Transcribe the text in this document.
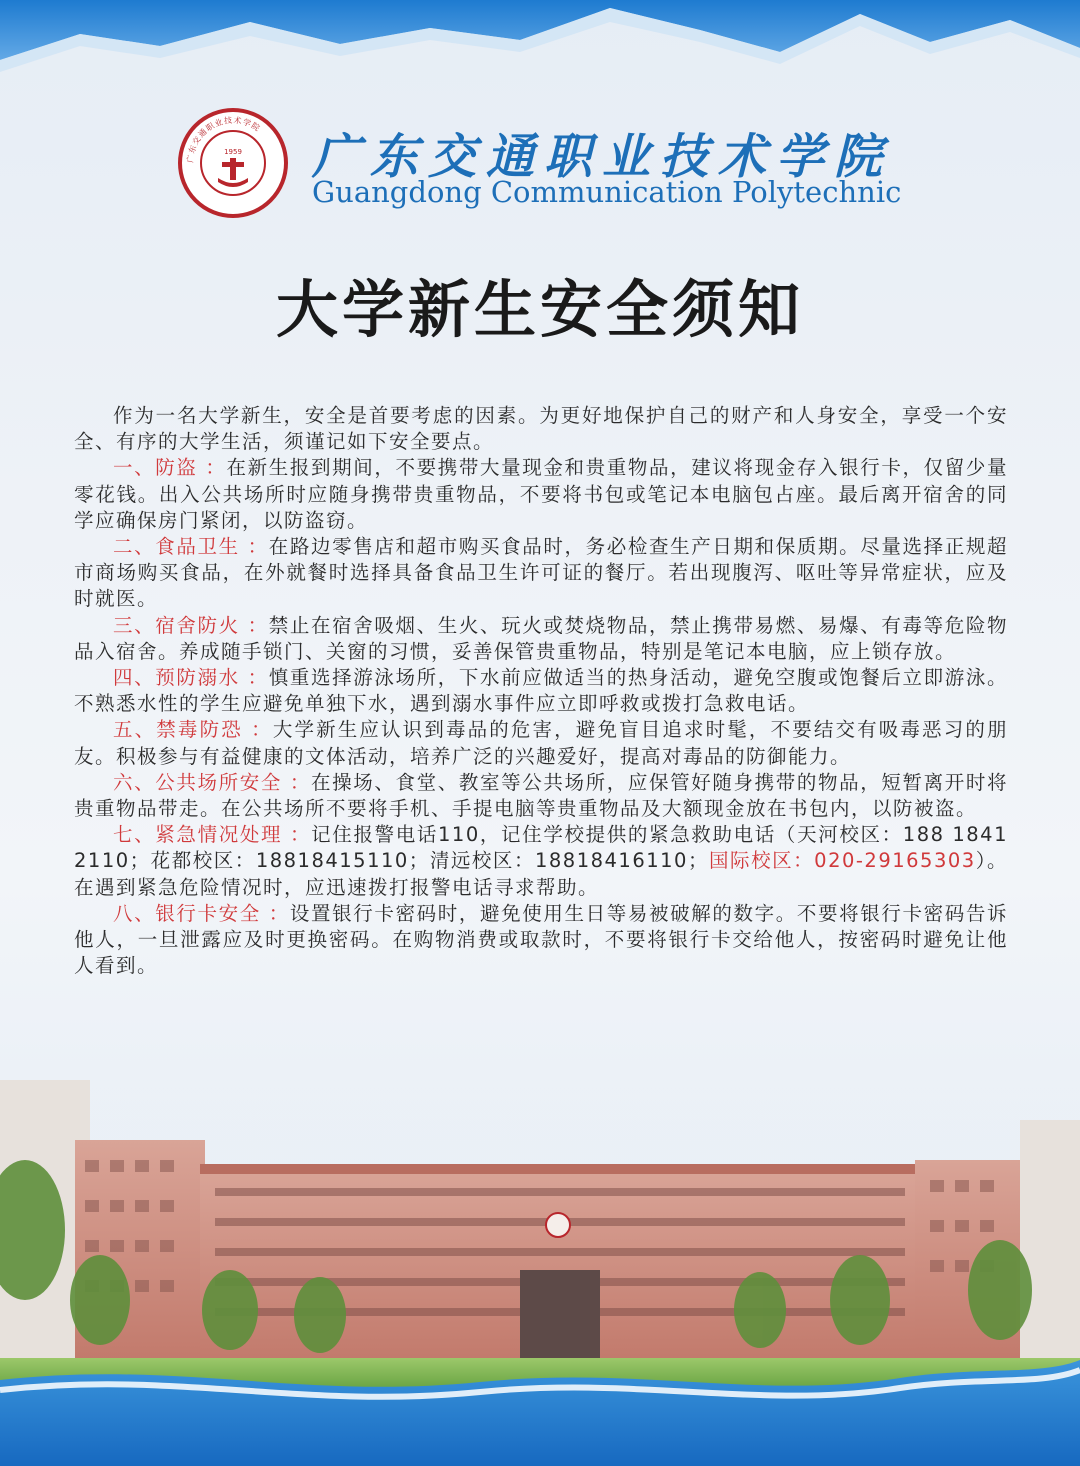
广东交通职业技术学院
1959 广东交通职业技术学院
Guangdong Communication Polytechnic
大学新生安全须知

作为一名大学新生，安全是首要考虑的因素。为更好地保护自己的财产和人身安全，享受一个安全、有序的大学生活，须谨记如下安全要点。

一、防盗 ：在新生报到期间，不要携带大量现金和贵重物品，建议将现金存入银行卡，仅留少量零花钱。出入公共场所时应随身携带贵重物品，不要将书包或笔记本电脑包占座。最后离开宿舍的同学应确保房门紧闭，以防盗窃。

二、食品卫生 ：在路边零售店和超市购买食品时，务必检查生产日期和保质期。尽量选择正规超市商场购买食品，在外就餐时选择具备食品卫生许可证的餐厅。若出现腹泻、呕吐等异常症状，应及时就医。

三、宿舍防火 ：禁止在宿舍吸烟、生火、玩火或焚烧物品，禁止携带易燃、易爆、有毒等危险物品入宿舍。养成随手锁门、关窗的习惯，妥善保管贵重物品，特别是笔记本电脑，应上锁存放。

四、预防溺水 ：慎重选择游泳场所，下水前应做适当的热身活动，避免空腹或饱餐后立即游泳。不熟悉水性的学生应避免单独下水，遇到溺水事件应立即呼救或拨打急救电话。

五、禁毒防恐 ：大学新生应认识到毒品的危害，避免盲目追求时髦，不要结交有吸毒恶习的朋友。积极参与有益健康的文体活动，培养广泛的兴趣爱好，提高对毒品的防御能力。

六、公共场所安全 ：在操场、食堂、教室等公共场所，应保管好随身携带的物品，短暂离开时将贵重物品带走。在公共场所不要将手机、手提电脑等贵重物品及大额现金放在书包内，以防被盗。

七、紧急情况处理 ：记住报警电话110，记住学校提供的紧急救助电话（天河校区：188 1841 2110；花都校区：18818415110；清远校区：18818416110；国际校区：020-29165303）。在遇到紧急危险情况时，应迅速拨打报警电话寻求帮助。

八、银行卡安全 ：设置银行卡密码时，避免使用生日等易被破解的数字。不要将银行卡密码告诉他人，一旦泄露应及时更换密码。在购物消费或取款时，不要将银行卡交给他人，按密码时避免让他人看到。
